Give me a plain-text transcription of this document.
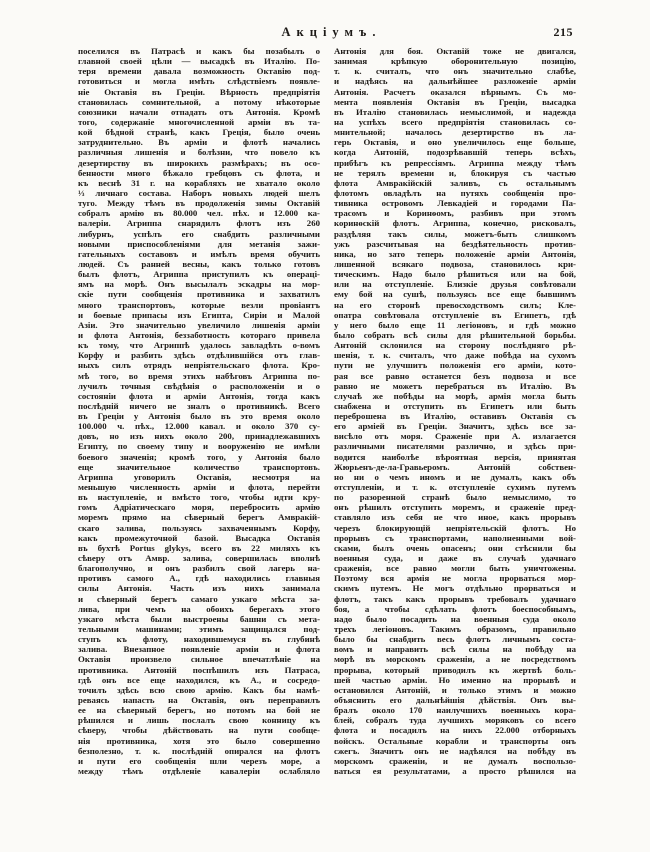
Акціумъ.	215
поселился въ Патрасѣ и какъ бы позабылъ о
главной своей цѣли — высадкѣ въ Италію. По-
теря времени давала возможность Октавію под-
готовиться и могла имѣть слѣдствіемъ появле-
ніе Октавія въ Греціи. Вѣрность предпріятія
становилась сомнительной, а потому нѣкоторые
союзники начали отпадать отъ Антонія. Кромѣ
того, содержаніе многочисленной арміи въ та-
кой бѣдной странѣ, какъ Греція, было очень
затруднительно. Въ арміи и флотѣ начались
различныя лишенія и болѣзни, что повело къ
дезертирству въ широкихъ размѣрахъ; въ осо-
бенности много бѣжало гребцовъ съ флота, и
къ веснѣ 31 г. на корабляхъ не хватало около
⅓ личнаго состава. Наборъ новыхъ людей шелъ
туго. Между тѣмъ въ продолженія зимы Октавій
собралъ армію въ 80.000 чел. пѣх. и 12.000 ка-
валеріи. Агриппа снарядилъ флотъ изъ 260
либурнъ, успѣлъ его снабдить различными
новыми приспособленіями для метанія зажи-
гательныхъ составовъ и имѣлъ время обучить
людей. Съ ранней весны, какъ только готовъ
былъ флотъ, Агриппа приступилъ къ операці-
ямъ на морѣ. Онъ высылалъ эскадры на мор-
скіе пути сообщенія противника и захватилъ
много транспортовъ, которые везли провіантъ
и боевые припасы изъ Египта, Сиріи и Малой
Азіи. Это значительно увеличило лишенія арміи
и флота Антонія, беззаботность котораго привела
къ тому, что Агриппѣ удалось завладѣть о-вомъ
Корфу и разбить здѣсь отдѣлившійся отъ глав-
ныхъ силъ отрядъ непріятельскаго флота. Кро-
мѣ того, во время этихъ набѣговъ Агриппа по-
лучилъ точныя свѣдѣнія о расположеніи и о
состояніи флота и арміи Антонія, тогда какъ
послѣдній ничего не зналъ о противникѣ. Всего
въ Греціи у Антонія было въ это время около
100.000 ч. пѣх., 12.000 кавал. и около 370 су-
довъ, но изъ нихъ около 200, принадлежавшихъ
Египту, по своему типу и вооруженію не имѣли
боевого значенія; кромѣ того, у Антонія было
еще значительное количество транспортовъ.
Агриппа уговорилъ Октавія, несмотря на
меньшую численность арміи и флота, перейти
въ наступленіе, и вмѣсто того, чтобы идти кру-
гомъ Адріатическаго моря, перебросить армію
моремъ прямо на сѣверный берегъ Амвракій-
скаго залива, пользуясь захваченнымъ Корфу,
какъ промежуточной базой. Высадка Октавія
въ бухтѣ Portus glykys, всего въ 22 миляхъ къ
сѣверу отъ Амвр. залива, совершилась вполнѣ
благополучно, и онъ разбилъ свой лагерь на-
противъ самого А., гдѣ находились главныя
силы Антонія. Часть изъ нихъ занимала
и сѣверный берегъ самаго узкаго мѣста за-
лива, при чемъ на обоихъ берегахъ этого
узкаго мѣста были выстроены башни съ мета-
тельными машинами; этимъ защищался под-
ступъ къ флоту, находившемуся въ глубинѣ
залива. Внезапное появленіе арміи и флота
Октавія произвело сильное впечатлѣніе на
противника. Антоній поспѣшилъ изъ Патраса,
гдѣ онъ все еще находился, къ А., и сосредо-
точилъ здѣсь всю свою армію. Какъ бы намѣ-
реваясь напасть на Октавія, онъ переправилъ
ее на сѣверный берегъ, но потомъ на бой не
рѣшился и лишь послалъ свою конницу къ
сѣверу, чтобы дѣйствовать на пути сообще-
нія противника, хотя это было совершенно
безполезно, т. к. послѣдній опирался на флотъ
и пути его сообщенія шли черезъ море, а
между тѣмъ отдѣленіе кавалеріи ослабляло
Антонія для боя. Октавій тоже не двигался,
занимая крѣпкую оборонительную позицію,
т. к. считалъ, что онъ значительно слабѣе,
и надѣясь на дальнѣйшее разложеніе арміи
Антонія. Расчетъ оказался вѣрнымъ. Съ мо-
мента появленія Октавія въ Греціи, высадка
въ Италію становилась немыслимой, и надежда
на успѣхъ всего предпріятія становилась со-
мнительной; началось дезертирство въ ла-
герь Октавія, и оно увеличилось еще больше,
когда Антоній, подозрѣвавшій теперь всѣхъ,
прибѣгъ къ репрессіямъ. Агриппа между тѣмъ
не терялъ времени и, блокируя съ частью
флота Амвракійскій заливъ, съ остальнымъ
флотомъ овладѣлъ на путяхъ сообщенія про-
тивника островомъ Левкадіей и городами Па-
трасомъ и Коринѳомъ, разбивъ при этомъ
коринѳскій флотъ. Агриппа, конечно, рисковалъ,
раздѣляя такъ силы, можетъ-быть слишкомъ
ужъ разсчитывая на бездѣятельность против-
ника, но зато теперь положеніе арміи Антонія,
лишенной всякаго подвоза, становилось кри-
тическимъ. Надо было рѣшиться или на бой,
или на отступленіе. Близкіе друзья совѣтовали
ему бой на сушѣ, пользуясь все еще бывшимъ
на его сторонѣ превосходствомъ силъ; Кле-
опатра совѣтовала отступленіе въ Египетъ, гдѣ
у него было еще 11 легіоновъ, и гдѣ можно
было собрать всѣ силы для рѣшительной борьбы.
Антоній склонился на сторону послѣдняго рѣ-
шенія, т. к. считалъ, что даже побѣда на сухомъ
пути не улучшитъ положенія его арміи, кото-
рая все равно останется безъ подвоза и все
равно не можетъ перебраться въ Италію. Въ
случаѣ же побѣды на морѣ, армія могла быть
снабжена и отступить въ Египетъ или быть
переброшена въ Италію, оставивъ Октавія съ
его арміей въ Греціи. Значитъ, здѣсь все за-
висѣло отъ моря. Сраженіе при А. излагается
различными писателями различно, и здѣсь при-
водится наиболѣе вѣроятная версія, принятая
Жюрьенъ-де-ла-Гравьеромъ. Антоній собствен-
но ни о чемъ иномъ и не думалъ, какъ объ
отступленіи, и т. к. отступленіе сухимъ путемъ
по разоренной странѣ было немыслимо, то
онъ рѣшилъ отступить моремъ, и сраженіе пред-
ставляло изъ себя не что иное, какъ прорывъ
черезъ блокирующій непріятельскій флотъ. Но
прорывъ съ транспортами, наполненными вой-
сками, былъ очень опасенъ; они стѣснили бы
военныя суда, и даже въ случаѣ удачнаго
сраженія, все равно могли быть уничтожены.
Поэтому вся армія не могла прорваться мор-
скимъ путемъ. Не могъ отдѣльно прорваться и
флотъ, такъ какъ прорывъ требовалъ удачнаго
боя, а чтобы сдѣлать флотъ боеспособнымъ,
надо было посадить на военныя суда около
трехъ легіоновъ. Такимъ образомъ, правильно
было бы снабдить весь флотъ личнымъ соста-
вомъ и направить всѣ силы на побѣду на
морѣ въ морскомъ сраженіи, а не посредствомъ
прорыва, который приводилъ къ жертвѣ боль-
шей частью арміи. Но именно на прорывѣ и
остановился Антоній, и только этимъ и можно
объяснить его дальнѣйшія дѣйствія. Онъ вы-
бралъ около 170 наилучшихъ военныхъ кора-
блей, собралъ туда лучшихъ моряковъ со всего
флота и посадилъ на нихъ 22.000 отборныхъ
войскъ. Остальные корабли и транспорты онъ
сжегъ. Значитъ онъ не надѣялся на побѣду въ
морскомъ сраженіи, и не думалъ воспользо-
ваться ея результатами, а просто рѣшился на
